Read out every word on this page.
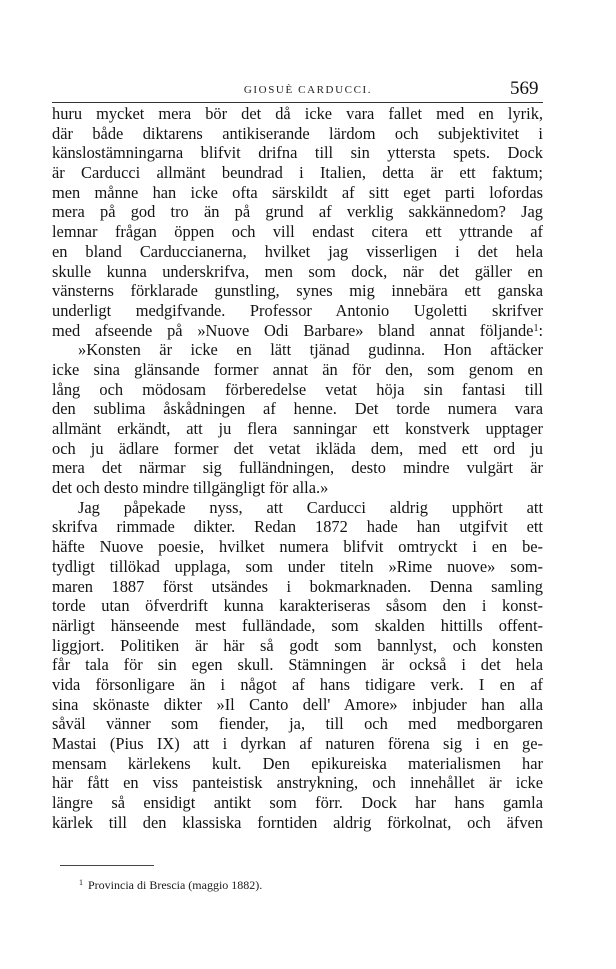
GIOSUÈ CARDUCCI.	569
huru mycket mera bör det då icke vara fallet med en lyrik,
där både diktarens antikiserande lärdom och subjektivitet i
känslostämningarna blifvit drifna till sin yttersta spets. Dock
är Carducci allmänt beundrad i Italien, detta är ett faktum;
men månne han icke ofta särskildt af sitt eget parti lofordas
mera på god tro än på grund af verklig sakkännedom? Jag
lemnar frågan öppen och vill endast citera ett yttrande af
en bland Carduccianerna, hvilket jag visserligen i det hela
skulle kunna underskrifva, men som dock, när det gäller en
vänsterns förklarade gunstling, synes mig innebära ett ganska
underligt medgifvande. Professor Antonio Ugoletti skrifver
med afseende på »Nuove Odi Barbare» bland annat följande$^1$:
»Konsten är icke en lätt tjänad gudinna. Hon aftäcker
icke sina glänsande former annat än för den, som genom en
lång och mödosam förberedelse vetat höja sin fantasi till
den sublima åskådningen af henne. Det torde numera vara
allmänt erkändt, att ju flera sanningar ett konstverk upptager
och ju ädlare former det vetat ikläda dem, med ett ord ju
mera det närmar sig fulländningen, desto mindre vulgärt är
det och desto mindre tillgängligt för alla.»
Jag påpekade nyss, att Carducci aldrig upphört att
skrifva rimmade dikter. Redan 1872 hade han utgifvit ett
häfte Nuove poesie, hvilket numera blifvit omtryckt i en be-
tydligt tillökad upplaga, som under titeln »Rime nuove» som-
maren 1887 först utsändes i bokmarknaden. Denna samling
torde utan öfverdrift kunna karakteriseras såsom den i konst-
närligt hänseende mest fulländade, som skalden hittills offent-
liggjort. Politiken är här så godt som bannlyst, och konsten
får tala för sin egen skull. Stämningen är också i det hela
vida försonligare än i något af hans tidigare verk. I en af
sina skönaste dikter »Il Canto dell' Amore» inbjuder han alla
såväl vänner som fiender, ja, till och med medborgaren
Mastai (Pius IX) att i dyrkan af naturen förena sig i en ge-
mensam kärlekens kult. Den epikureiska materialismen har
här fått en viss panteistisk anstrykning, och innehållet är icke
längre så ensidigt antikt som förr. Dock har hans gamla
kärlek till den klassiska forntiden aldrig förkolnat, och äfven
$^1$ Provincia di Brescia (maggio 1882).
